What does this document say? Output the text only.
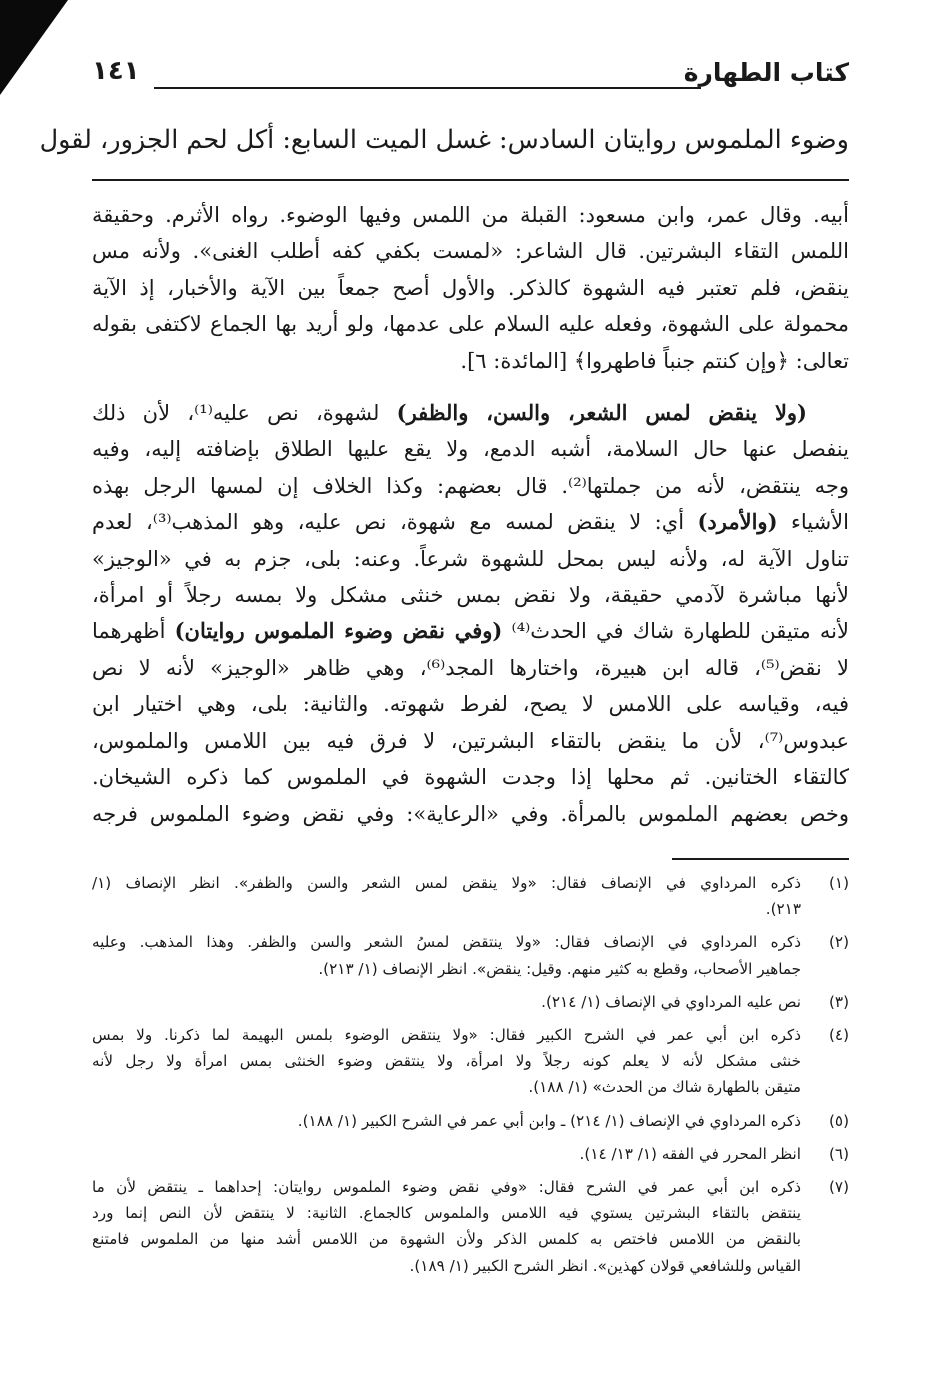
كتاب الطهارة
١٤١
وضوء الملموس روايتان السادس: غسل الميت السابع: أكل لحم الجزور، لقول
أبيه. وقال عمر، وابن مسعود: القبلة من اللمس وفيها الوضوء. رواه الأثرم. وحقيقة
اللمس التقاء البشرتين. قال الشاعر: «لمست بكفي كفه أطلب الغنى». ولأنه مس
ينقض، فلم تعتبر فيه الشهوة كالذكر. والأول أصح جمعاً بين الآية والأخبار، إذ الآية
محمولة على الشهوة، وفعله عليه السلام على عدمها، ولو أريد بها الجماع لاكتفى بقوله
تعالى: ﴿وإن كنتم جنباً فاطهروا﴾ [المائدة: ٦].
  (ولا ينقض لمس الشعر، والسن، والظفر) لشهوة، نص عليه⁽¹⁾، لأن ذلك
ينفصل عنها حال السلامة، أشبه الدمع، ولا يقع عليها الطلاق بإضافته إليه، وفيه
وجه ينتقض، لأنه من جملتها⁽²⁾. قال بعضهم: وكذا الخلاف إن لمسها الرجل بهذه
الأشياء (والأمرد) أي: لا ينقض لمسه مع شهوة، نص عليه، وهو المذهب⁽³⁾، لعدم
تناول الآية له، ولأنه ليس بمحل للشهوة شرعاً. وعنه: بلى، جزم به في «الوجيز»
لأنها مباشرة لآدمي حقيقة، ولا نقض بمس خنثى مشكل ولا بمسه رجلاً أو امرأة،
لأنه متيقن للطهارة شاك في الحدث⁽⁴⁾ (وفي نقض وضوء الملموس روايتان) أظهرهما
لا نقض⁽⁵⁾، قاله ابن هبيرة، واختارها المجد⁽⁶⁾، وهي ظاهر «الوجيز» لأنه لا نص
فيه، وقياسه على اللامس لا يصح، لفرط شهوته. والثانية: بلى، وهي اختيار ابن
عبدوس⁽⁷⁾، لأن ما ينقض بالتقاء البشرتين، لا فرق فيه بين اللامس والملموس،
كالتقاء الختانين. ثم محلها إذا وجدت الشهوة في الملموس كما ذكره الشيخان.
وخص بعضهم الملموس بالمرأة. وفي «الرعاية»: وفي نقض وضوء الملموس فرجه
(١)
ذكره المرداوي في الإنصاف فقال: «ولا ينقض لمس الشعر والسن والظفر». انظر الإنصاف (١/
٢١٣).
(٢)
ذكره المرداوي في الإنصاف فقال: «ولا ينتقض لمسُ الشعر والسن والظفر. وهذا المذهب. وعليه
جماهير الأصحاب، وقطع به كثير منهم. وقيل: ينقض». انظر الإنصاف (١/ ٢١٣).
(٣)
نص عليه المرداوي في الإنصاف (١/ ٢١٤).
(٤)
ذكره ابن أبي عمر في الشرح الكبير فقال: «ولا ينتقض الوضوء بلمس البهيمة لما ذكرنا. ولا بمس
خنثى مشكل لأنه لا يعلم كونه رجلاً ولا امرأة، ولا ينتقض وضوء الخنثى بمس امرأة ولا رجل لأنه
متيقن بالطهارة شاك من الحدث» (١/ ١٨٨).
(٥)
ذكره المرداوي في الإنصاف (١/ ٢١٤) ـ وابن أبي عمر في الشرح الكبير (١/ ١٨٨).
(٦)
انظر المحرر في الفقه (١/ ١٣/ ١٤).
(٧)
ذكره ابن أبي عمر في الشرح فقال: «وفي نقض وضوء الملموس روايتان: إحداهما ـ ينتقض لأن ما
ينتقض بالتقاء البشرتين يستوي فيه اللامس والملموس كالجماع. الثانية: لا ينتقض لأن النص إنما ورد
بالنقض من اللامس فاختص به كلمس الذكر ولأن الشهوة من اللامس أشد منها من الملموس فامتنع
القياس وللشافعي قولان كهذين». انظر الشرح الكبير (١/ ١٨٩).
